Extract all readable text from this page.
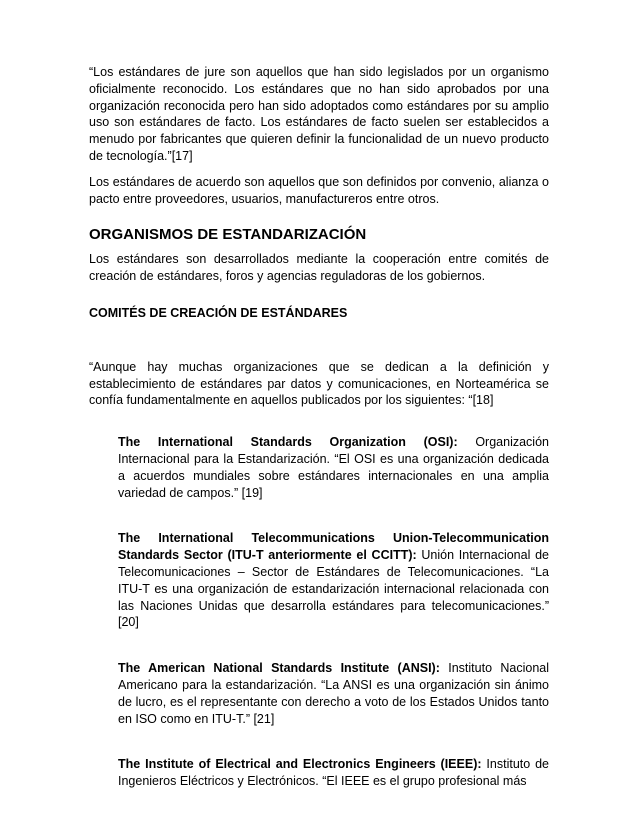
“Los estándares de jure son aquellos que han sido legislados por un organismo oficialmente reconocido. Los estándares que no han sido aprobados por una organización reconocida pero han sido adoptados como estándares por su amplio uso son estándares de facto. Los estándares de facto suelen ser establecidos a menudo por fabricantes que quieren definir la funcionalidad de un nuevo producto de tecnología.”[17]

Los estándares de acuerdo son aquellos que son definidos por convenio, alianza o pacto entre proveedores, usuarios, manufactureros entre otros.

ORGANISMOS DE ESTANDARIZACIÓN

Los estándares son desarrollados mediante la cooperación entre comités de creación de estándares, foros y agencias reguladoras de los gobiernos.

COMITÉS DE CREACIÓN DE ESTÁNDARES

“Aunque hay muchas organizaciones que se dedican a la definición y establecimiento de estándares par datos y comunicaciones, en Norteamérica se confía fundamentalmente en aquellos publicados por los siguientes: “[18]

The International Standards Organization (OSI): Organización Internacional para la Estandarización. “El OSI es una organización dedicada a acuerdos mundiales sobre estándares internacionales en una amplia variedad de campos.” [19]

The International Telecommunications Union-Telecommunication Standards Sector (ITU-T anteriormente el CCITT): Unión Internacional de Telecomunicaciones – Sector de Estándares de Telecomunicaciones. “La ITU-T es una organización de estandarización internacional relacionada con las Naciones Unidas que desarrolla estándares para telecomunicaciones.” [20]

The American National Standards Institute (ANSI): Instituto Nacional Americano para la estandarización. “La ANSI es una organización sin ánimo de lucro, es el representante con derecho a voto de los Estados Unidos tanto en ISO como en ITU-T.” [21]

The Institute of Electrical and Electronics Engineers (IEEE): Instituto de Ingenieros Eléctricos y Electrónicos. “El IEEE es el grupo profesional más
